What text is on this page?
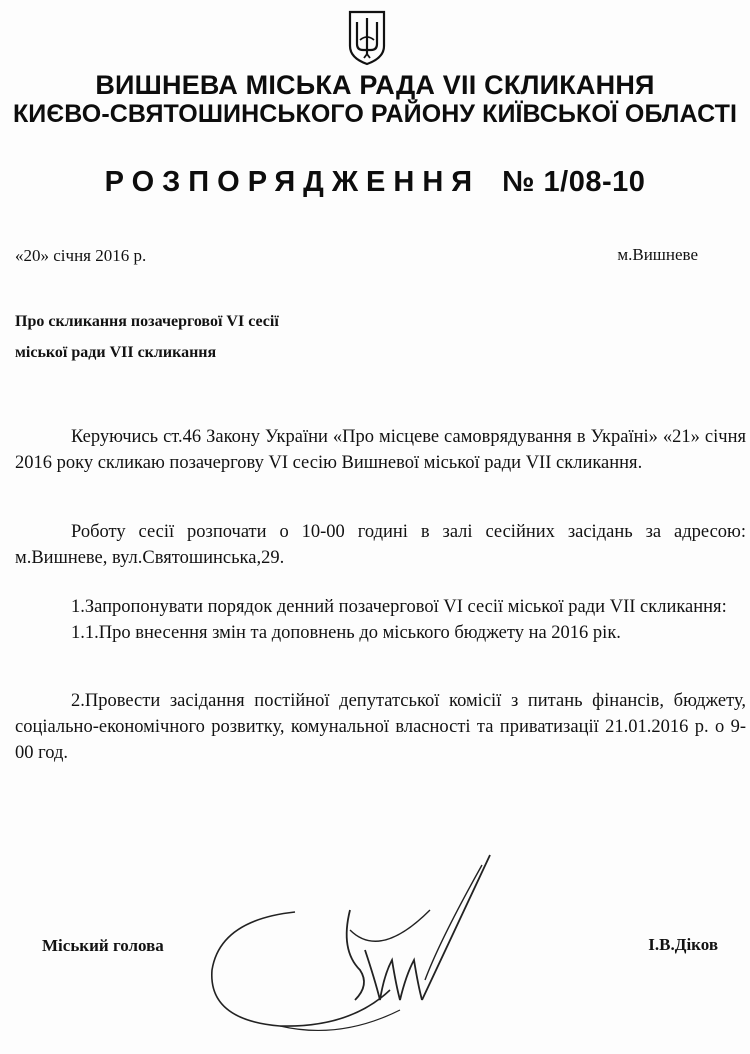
ВИШНЕВА МІСЬКА РАДА VII СКЛИКАННЯ
КИЄВО-СВЯТОШИНСЬКОГО РАЙОНУ КИЇВСЬКОЇ ОБЛАСТІ
РОЗПОРЯДЖЕННЯ № 1/08-10
«20» січня 2016 р.	м.Вишневе
Про скликання позачергової VI сесії
міської ради VII скликання

Керуючись ст.46 Закону України «Про місцеве самоврядування в Україні» «21» січня 2016 року скликаю позачергову VI сесію Вишневої міської ради VII скликання.

Роботу сесії розпочати о 10-00 годині в залі сесійних засідань за адресою: м.Вишневе, вул.Святошинська,29.

1.Запропонувати порядок денний позачергової VI сесії міської ради VII скликання:

1.1.Про внесення змін та доповнень до міського бюджету на 2016 рік.

2.Провести засідання постійної депутатської комісії з питань фінансів, бюджету, соціально-економічного розвитку, комунальної власності та приватизації 21.01.2016 р. о 9-00 год.

Міський голова	І.В.Діков
